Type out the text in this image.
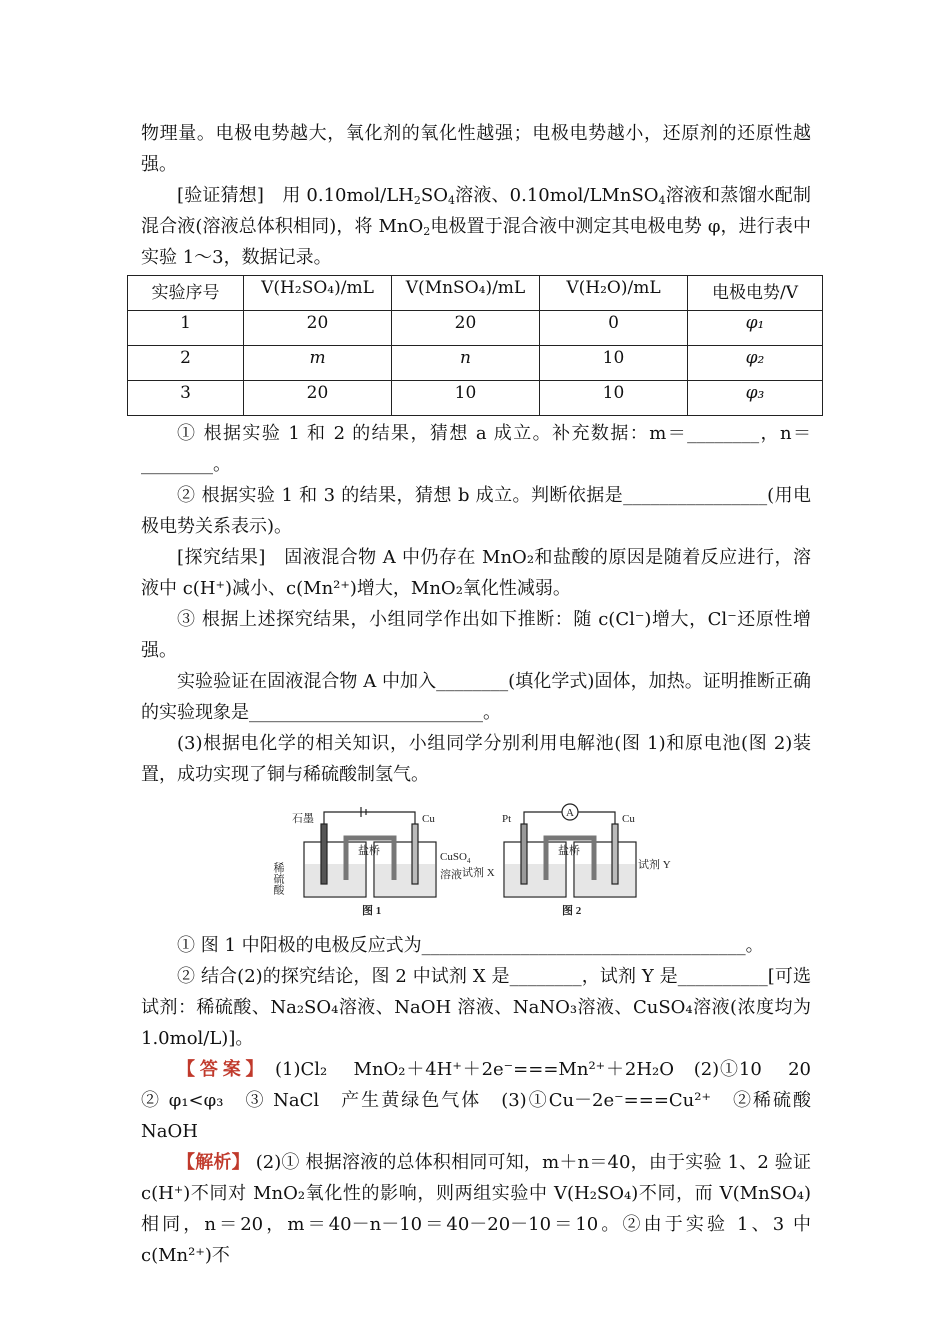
物理量。电极电势越大，氧化剂的氧化性越强；电极电势越小，还原剂的还原性越强。

[验证猜想]　用 $0.10mol/LH_2SO_4$溶液、0.10mol/LMnSO$_4$溶液和蒸馏水配制混合液(溶液总体积相同)，将 MnO$_2$电极置于混合液中测定其电极电势 φ，进行表中实验 1～3，数据记录。

实验序号	V(H₂SO₄)/mL	V(MnSO₄)/mL	V(H₂O)/mL	电极电势/V
1	20	20	0	φ₁
2	m	n	10	φ₂
3	20	10	10	φ₃

① 根据实验 1 和 2 的结果，猜想 a 成立。补充数据：m＝________，n＝________。

② 根据实验 1 和 3 的结果，猜想 b 成立。判断依据是________________(用电极电势关系表示)。

[探究结果]　固液混合物 A 中仍存在 MnO₂和盐酸的原因是随着反应进行，溶液中 c(H⁺)减小、c(Mn²⁺)增大，MnO₂氧化性减弱。

③ 根据上述探究结果，小组同学作出如下推断：随 c(Cl⁻)增大，Cl⁻还原性增强。

实验验证在固液混合物 A 中加入________(填化学式)固体，加热。证明推断正确的实验现象是__________________________。

(3)根据电化学的相关知识，小组同学分别利用电解池(图 1)和原电池(图 2)装置，成功实现了铜与稀硫酸制氢气。

石墨	Cu
盐桥
稀硫酸
CuSO$_4$
溶液
图 1
A
Pt	Cu
盐桥
试剂 X
试剂 Y
图 2

① 图 1 中阳极的电极反应式为____________________________________。

② 结合(2)的探究结论，图 2 中试剂 X 是________，试剂 Y 是__________[可选试剂：稀硫酸、Na₂SO₄溶液、NaOH 溶液、NaNO₃溶液、CuSO₄溶液(浓度均为 1.0mol/L)]。

【答案】 (1)Cl₂　 MnO₂＋4H⁺＋2e⁻===Mn²⁺＋2H₂O　(2)①10　 20　② φ₁<φ₃　③ NaCl　产生黄绿色气体　(3)①Cu－2e⁻===Cu²⁺　②稀硫酸　NaOH

【解析】 (2)① 根据溶液的总体积相同可知，m＋n＝40，由于实验 1、2 验证 c(H⁺)不同对 MnO₂氧化性的影响，则两组实验中 V(H₂SO₄)不同，而 V(MnSO₄)相同，n＝20，m＝40－n－10＝40－20－10＝10。②由于实验 1、3 中 c(Mn²⁺)不
